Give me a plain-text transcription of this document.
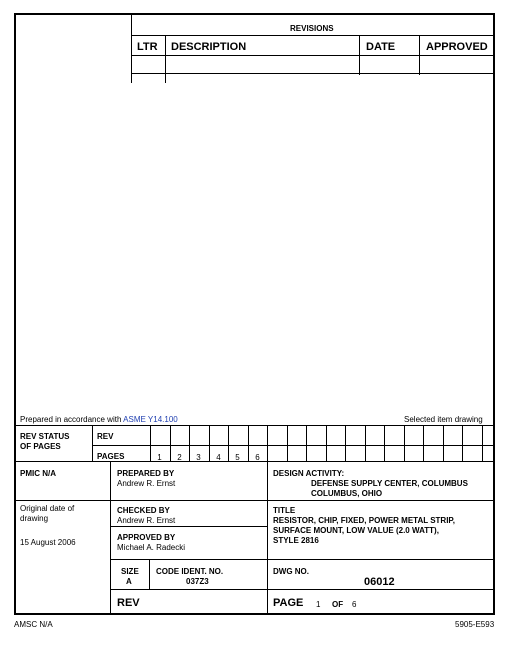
REVISIONS
LTR DESCRIPTION	DATE	APPROVED
Prepared in accordance with ASME Y14.100	Selected item drawing
REV STATUS
OF PAGES
REV
PAGES	1	2	3	4	5	6
PMIC N/A	PREPARED BY
Andrew R. Ernst
DESIGN ACTIVITY:
DEFENSE SUPPLY CENTER, COLUMBUS
COLUMBUS, OHIO
Original date of
drawing
15 August 2006
CHECKED BY
Andrew R. Ernst
APPROVED BY
Michael A. Radecki
TITLE
RESISTOR, CHIP, FIXED, POWER METAL STRIP,
SURFACE MOUNT, LOW VALUE (2.0 WATT),
STYLE 2816
SIZE
A
CODE IDENT. NO.
037Z3
DWG NO.
06012
REV	PAGE 1 OF 6
AMSC N/A	5905-E593
